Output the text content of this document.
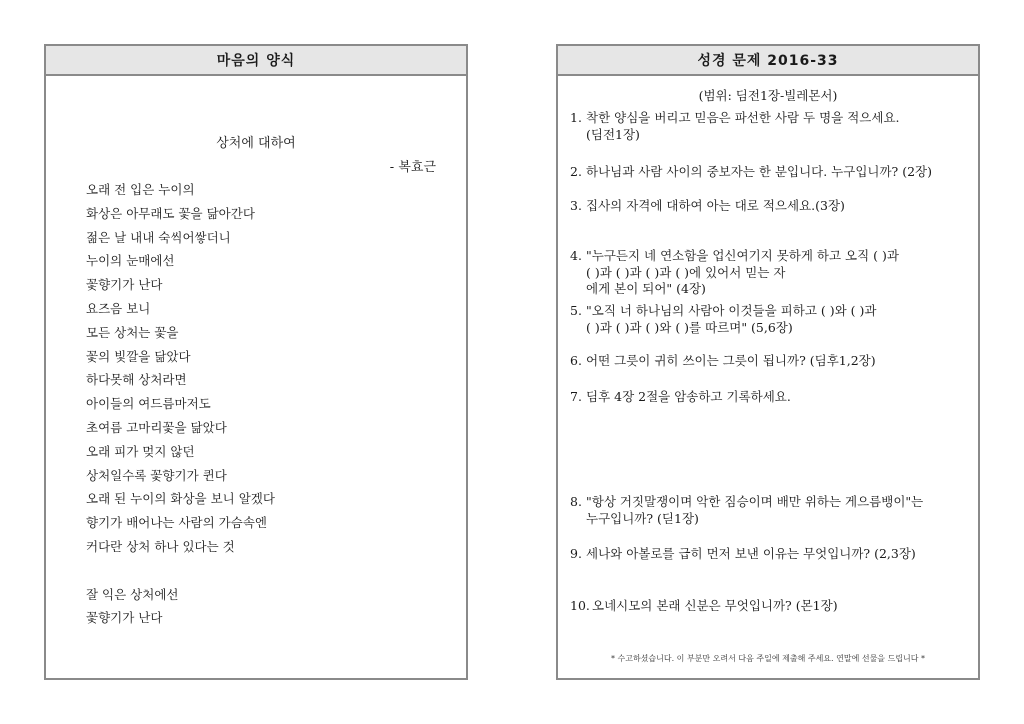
마음의 양식
상처에 대하여
- 복효근
오래 전 입은 누이의
화상은 아무래도 꽃을 닮아간다
젊은 날 내내 숙씩어쌓더니
누이의 눈매에선
꽃향기가 난다
요즈음 보니
모든 상처는 꽃을
꽃의 빛깔을 닮았다
하다못해 상처라면
아이들의 여드름마저도
초여름 고마리꽃을 닮았다
오래 피가 멎지 않던
상처일수록 꽃향기가 퀸다
오래 된 누이의 화상을 보니 알겠다
향기가 배어나는 사람의 가슴속엔
커다란 상처 하나 있다는 것
잘 익은 상처에선
꽃향기가 난다
성경 문제 2016-33
(범위: 딤전1장-빌레몬서)
1. 착한 양심을 버리고 믿음은 파선한 사람 두 명을 적으세요.
(딤전1장)
2. 하나님과 사람 사이의 중보자는 한 분입니다. 누구입니까? (2장)
3. 집사의 자격에 대하여 아는 대로 적으세요.(3장)
4. "누구든지 네 연소함을 업신여기지 못하게 하고 오직 ( )과
( )과 ( )과 ( )과 ( )에 있어서 믿는 자
에게 본이 되어" (4장)
5. "오직 너 하나님의 사람아 이것들을 피하고 ( )와 ( )과
( )과 ( )과 ( )와 ( )를 따르며" (5,6장)
6. 어떤 그릇이 귀히 쓰이는 그릇이 됩니까? (딤후1,2장)
7. 딤후 4장 2절을 암송하고 기록하세요.
8. "항상 거짓말쟁이며 악한 짐승이며 배만 위하는 게으름뱅이"는
누구입니까? (딛1장)
9. 세나와 아볼로를 급히 먼저 보낸 이유는 무엇입니까? (2,3장)
10. 오네시모의 본래 신분은 무엇입니까? (몬1장)
* 수고하셨습니다. 이 부분만 오려서 다음 주일에 제출해 주세요. 연말에 선물을 드립니다 *
